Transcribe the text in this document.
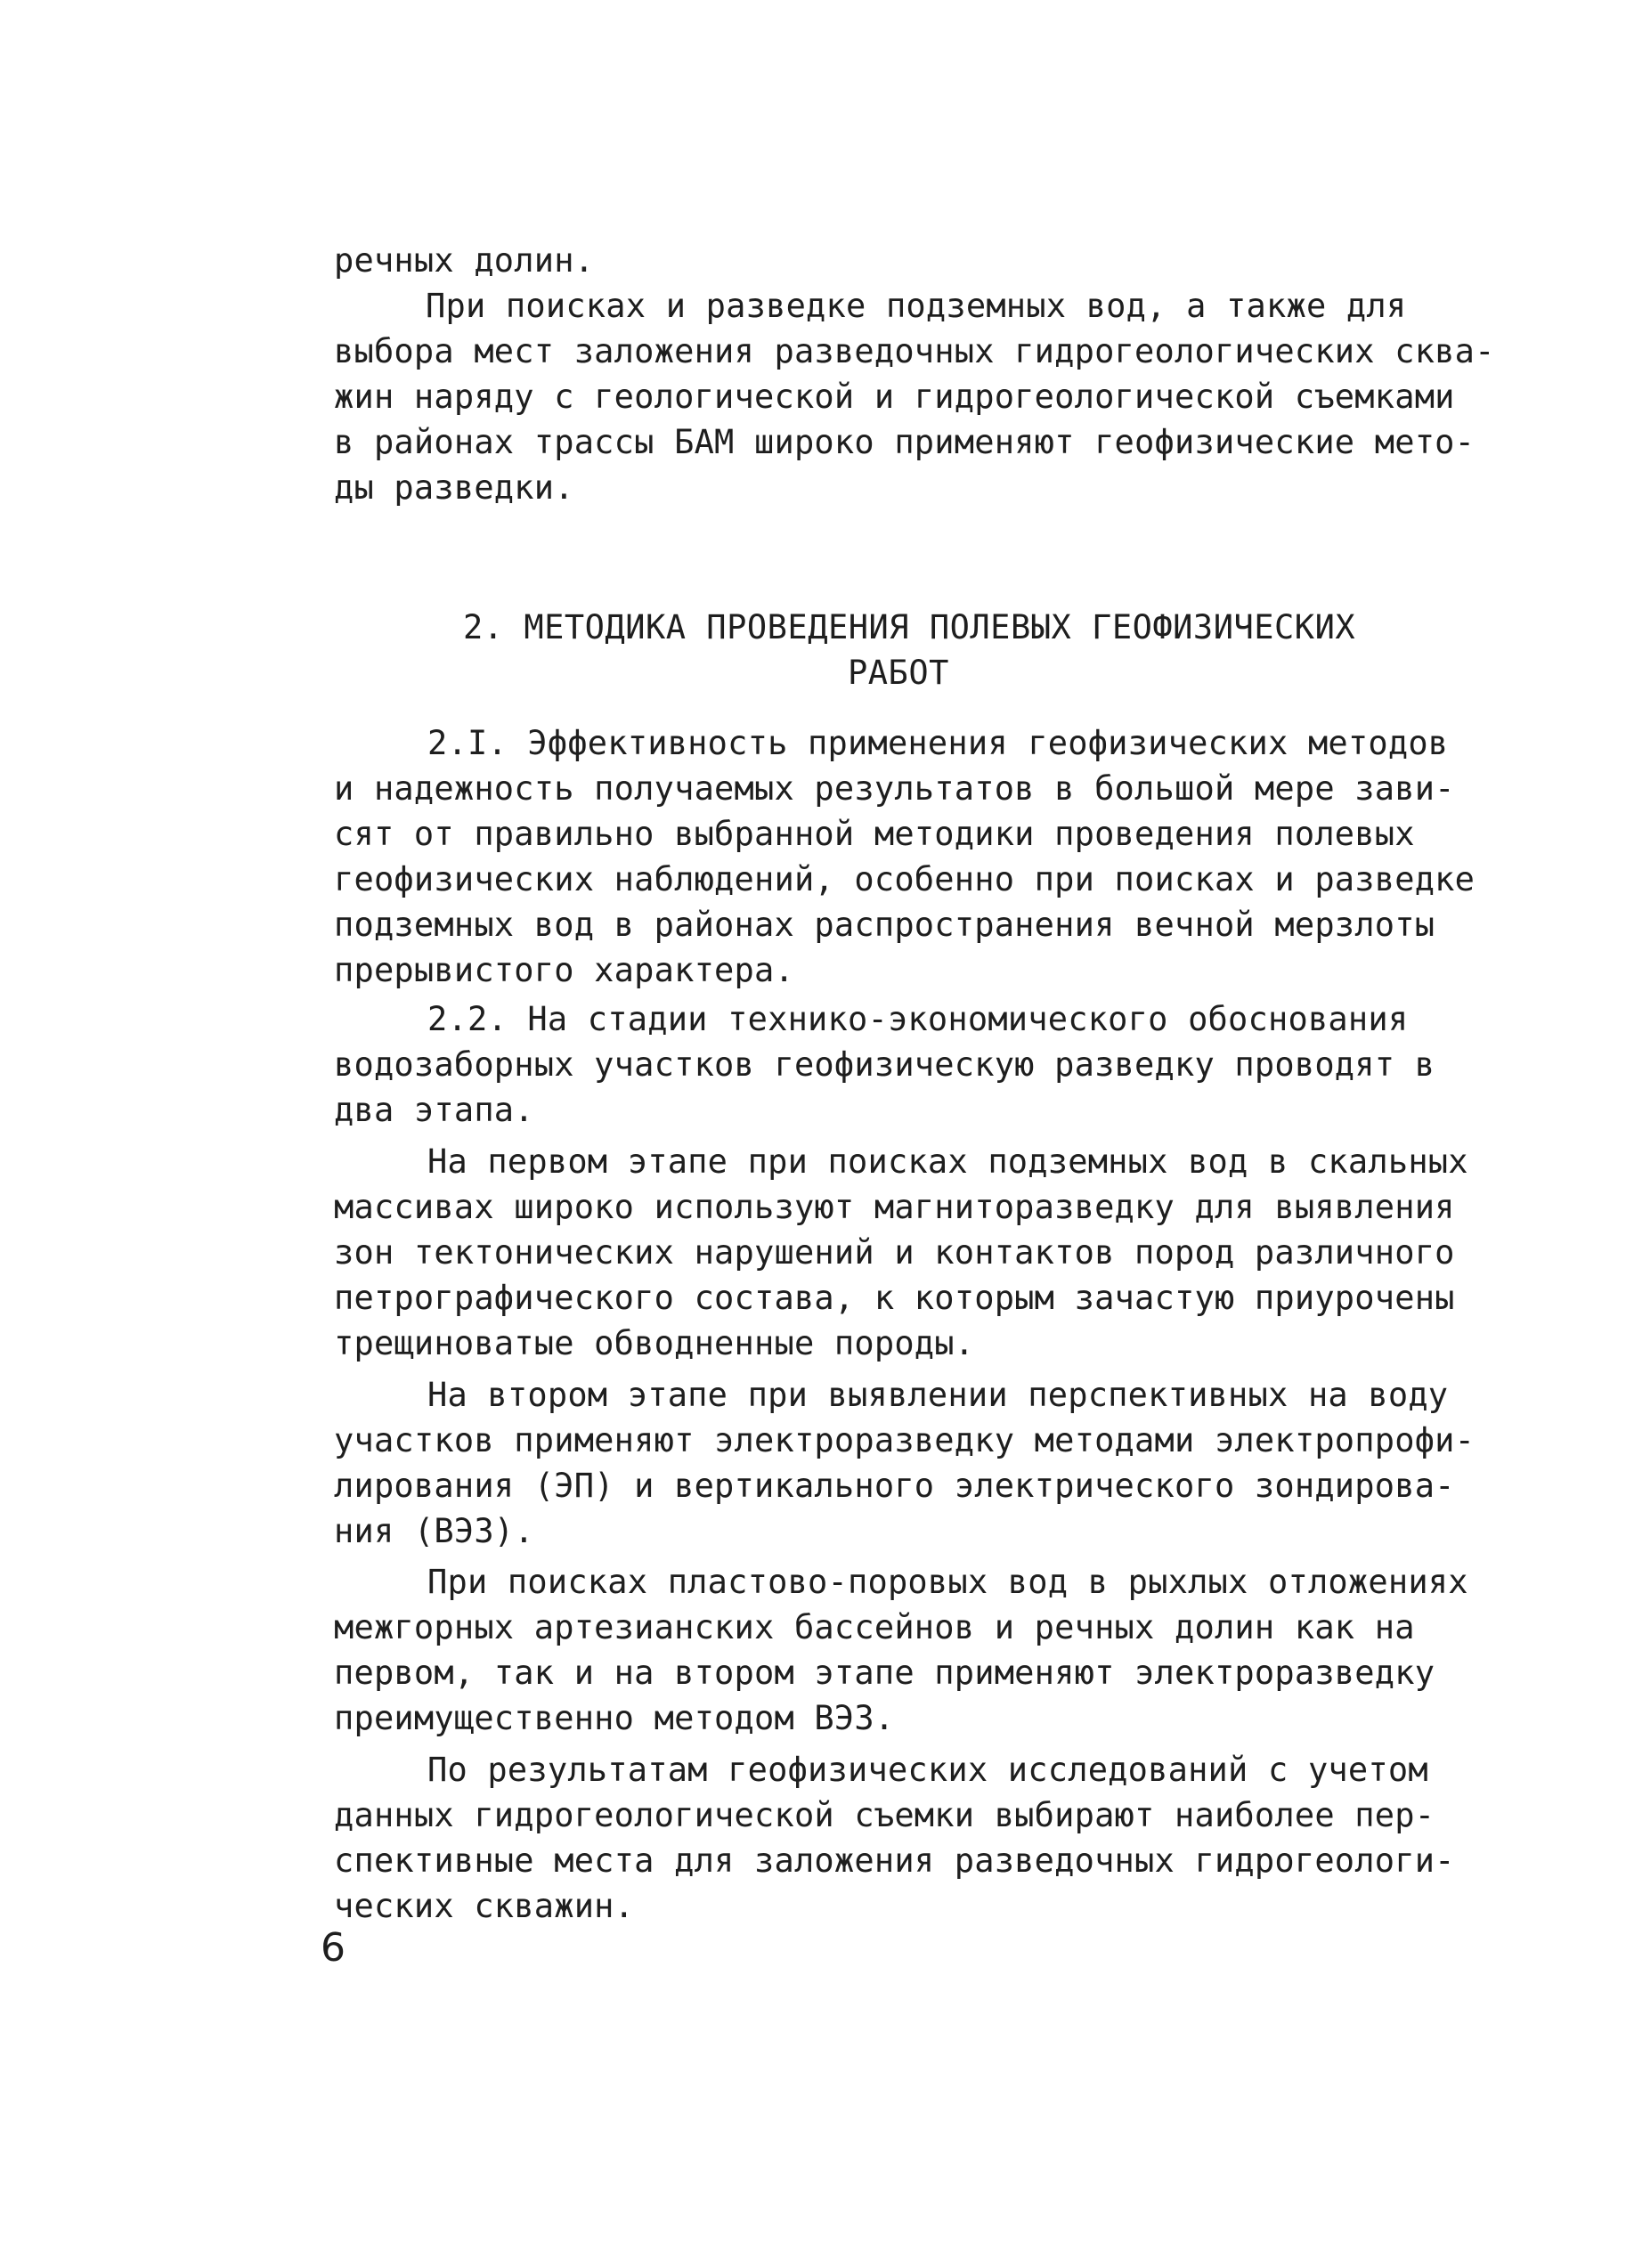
речных долин.
При поисках и разведке подземных вод, а также для
выбора мест заложения разведочных гидрогеологических сква-
жин наряду с геологической и гидрогеологической съемками
в районах трассы БАМ широко применяют геофизические мето-
ды разведки.
2. МЕТОДИКА ПРОВЕДЕНИЯ ПОЛЕВЫХ ГЕОФИЗИЧЕСКИХ
РАБОТ
2.I. Эффективность применения геофизических методов
и надежность получаемых результатов в большой мере зави-
сят от правильно выбранной методики проведения полевых
геофизических наблюдений, особенно при поисках и разведке
подземных вод в районах распространения вечной мерзлоты
прерывистого характера.
2.2. На стадии технико-экономического обоснования
водозаборных участков геофизическую разведку проводят в
два этапа.
На первом этапе при поисках подземных вод в скальных
массивах широко используют магниторазведку для выявления
зон тектонических нарушений и контактов пород различного
петрографического состава, к которым зачастую приурочены
трещиноватые обводненные породы.
На втором этапе при выявлении перспективных на воду
участков применяют электроразведку методами электропрофи-
лирования (ЭП) и вертикального электрического зондирова-
ния (ВЭЗ).
При поисках пластово-поровых вод в рыхлых отложениях
межгорных артезианских бассейнов и речных долин как на
первом, так и на втором этапе применяют электроразведку
преимущественно методом ВЭЗ.
По результатам геофизических исследований с учетом
данных гидрогеологической съемки выбирают наиболее пер-
спективные места для заложения разведочных гидрогеологи-
ческих скважин.
6
